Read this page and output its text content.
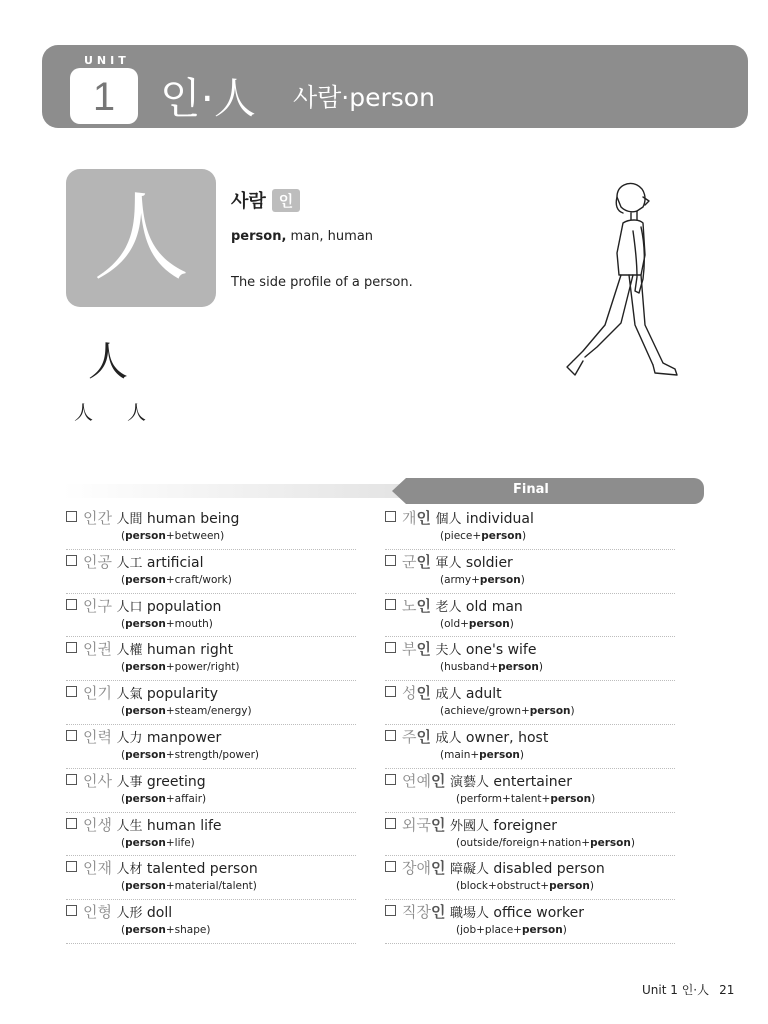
UNIT
1	인·人 사람·person
人	사람 인
person, man, human
The side profile of a person.
人
人 人
Final
인간 人間 human being
(person+between)
인공 人工 artificial
(person+craft/work)
인구 人口 population
(person+mouth)
인권 人權 human right
(person+power/right)
인기 人氣 popularity
(person+steam/energy)
인력 人力 manpower
(person+strength/power)
인사 人事 greeting
(person+affair)
인생 人生 human life
(person+life)
인재 人材 talented person
(person+material/talent)
인형 人形 doll
(person+shape)
개인 個人 individual
(piece+person)
군인 軍人 soldier
(army+person)
노인 老人 old man
(old+person)
부인 夫人 one's wife
(husband+person)
성인 成人 adult
(achieve/grown+person)
주인 成人 owner, host
(main+person)
연예인 演藝人 entertainer
(perform+talent+person)
외국인 外國人 foreigner
(outside/foreign+nation+person)
장애인 障礙人 disabled person
(block+obstruct+person)
직장인 職場人 office worker
(job+place+person)
Unit 1 인·人 21
